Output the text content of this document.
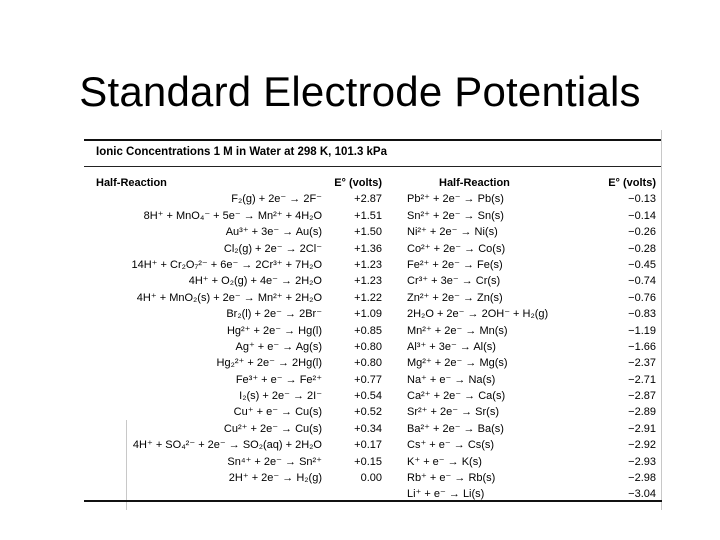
Standard Electrode Potentials
Ionic Concentrations 1 M in Water at 298 K, 101.3 kPa
Half-Reaction
F₂(g) + 2e⁻ → 2F⁻
8H⁺ + MnO₄⁻ + 5e⁻ → Mn²⁺ + 4H₂O
Au³⁺ + 3e⁻ → Au(s)
Cl₂(g) + 2e⁻ → 2Cl⁻
14H⁺ + Cr₂O₇²⁻ + 6e⁻ → 2Cr³⁺ + 7H₂O
4H⁺ + O₂(g) + 4e⁻ → 2H₂O
4H⁺ + MnO₂(s) + 2e⁻ → Mn²⁺ + 2H₂O
Br₂(l) + 2e⁻ → 2Br⁻
Hg²⁺ + 2e⁻ → Hg(l)
Ag⁺ + e⁻ → Ag(s)
Hg₂²⁺ + 2e⁻ → 2Hg(l)
Fe³⁺ + e⁻ → Fe²⁺
I₂(s) + 2e⁻ → 2I⁻
Cu⁺ + e⁻ → Cu(s)
Cu²⁺ + 2e⁻ → Cu(s)
4H⁺ + SO₄²⁻ + 2e⁻ → SO₂(aq) + 2H₂O
Sn⁴⁺ + 2e⁻ → Sn²⁺
2H⁺ + 2e⁻ → H₂(g)
E° (volts)
+2.87
+1.51
+1.50
+1.36
+1.23
+1.23
+1.22
+1.09
+0.85
+0.80
+0.80
+0.77
+0.54
+0.52
+0.34
+0.17
+0.15
0.00
Half-Reaction
Pb²⁺ + 2e⁻ → Pb(s)
Sn²⁺ + 2e⁻ → Sn(s)
Ni²⁺ + 2e⁻ → Ni(s)
Co²⁺ + 2e⁻ → Co(s)
Fe²⁺ + 2e⁻ → Fe(s)
Cr³⁺ + 3e⁻ → Cr(s)
Zn²⁺ + 2e⁻ → Zn(s)
2H₂O + 2e⁻ → 2OH⁻ + H₂(g)
Mn²⁺ + 2e⁻ → Mn(s)
Al³⁺ + 3e⁻ → Al(s)
Mg²⁺ + 2e⁻ → Mg(s)
Na⁺ + e⁻ → Na(s)
Ca²⁺ + 2e⁻ → Ca(s)
Sr²⁺ + 2e⁻ → Sr(s)
Ba²⁺ + 2e⁻ → Ba(s)
Cs⁺ + e⁻ → Cs(s)
K⁺ + e⁻ → K(s)
Rb⁺ + e⁻ → Rb(s)
Li⁺ + e⁻ → Li(s)
E° (volts)
−0.13
−0.14
−0.26
−0.28
−0.45
−0.74
−0.76
−0.83
−1.19
−1.66
−2.37
−2.71
−2.87
−2.89
−2.91
−2.92
−2.93
−2.98
−3.04
